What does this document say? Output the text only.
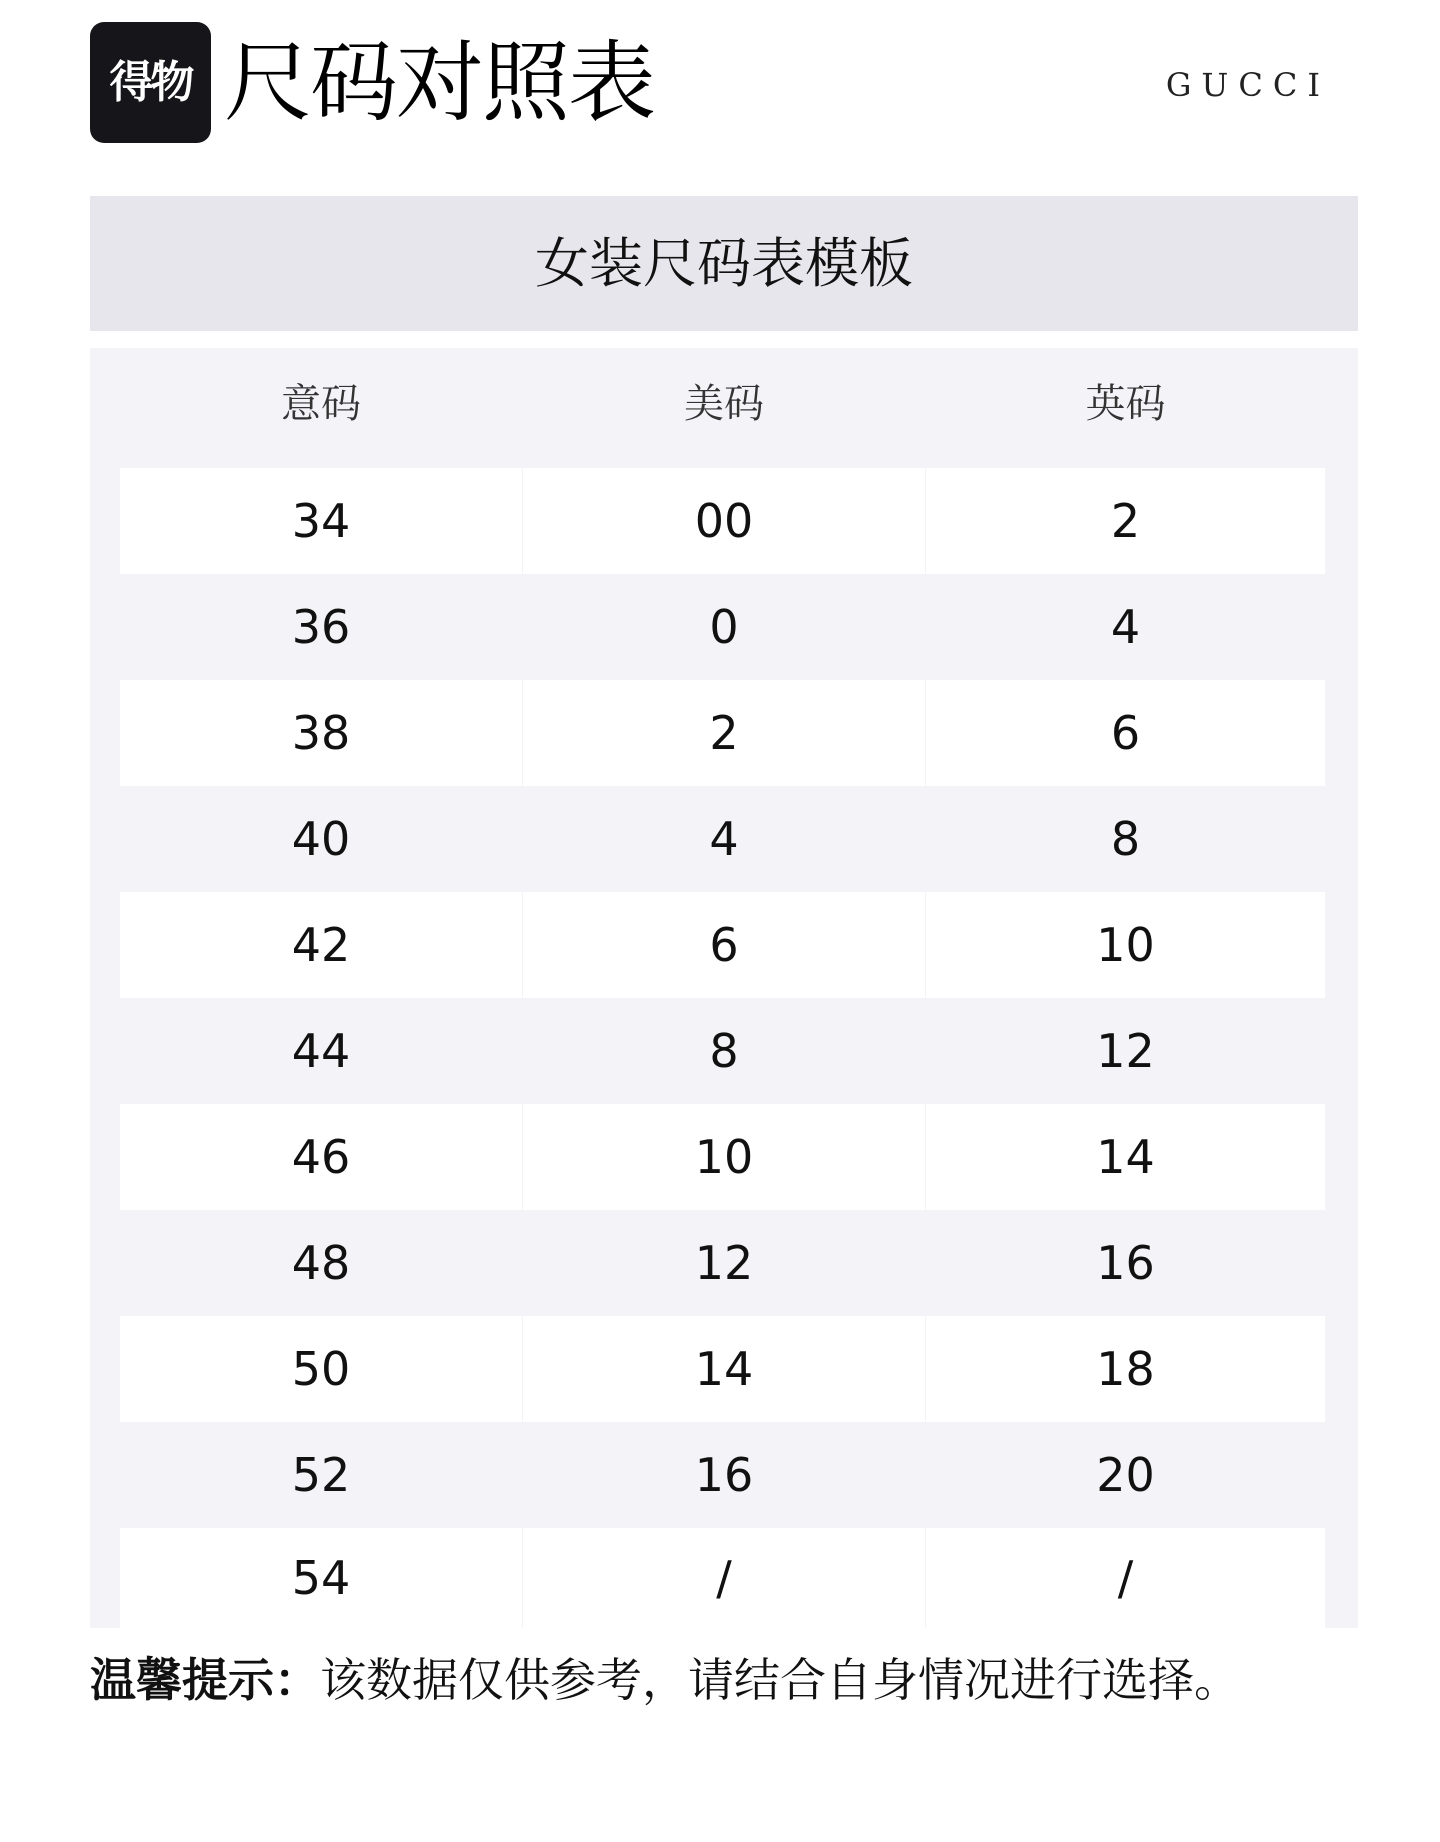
得物 尺码对照表	GUCCI
女装尺码表模板
意码	美码	英码
34	00	2
36	0	4
38	2	6
40	4	8
42	6	10
44	8	12
46	10	14
48	12	16
50	14	18
52	16	20
54	/	/
温馨提示：该数据仅供参考，请结合自身情况进行选择。
